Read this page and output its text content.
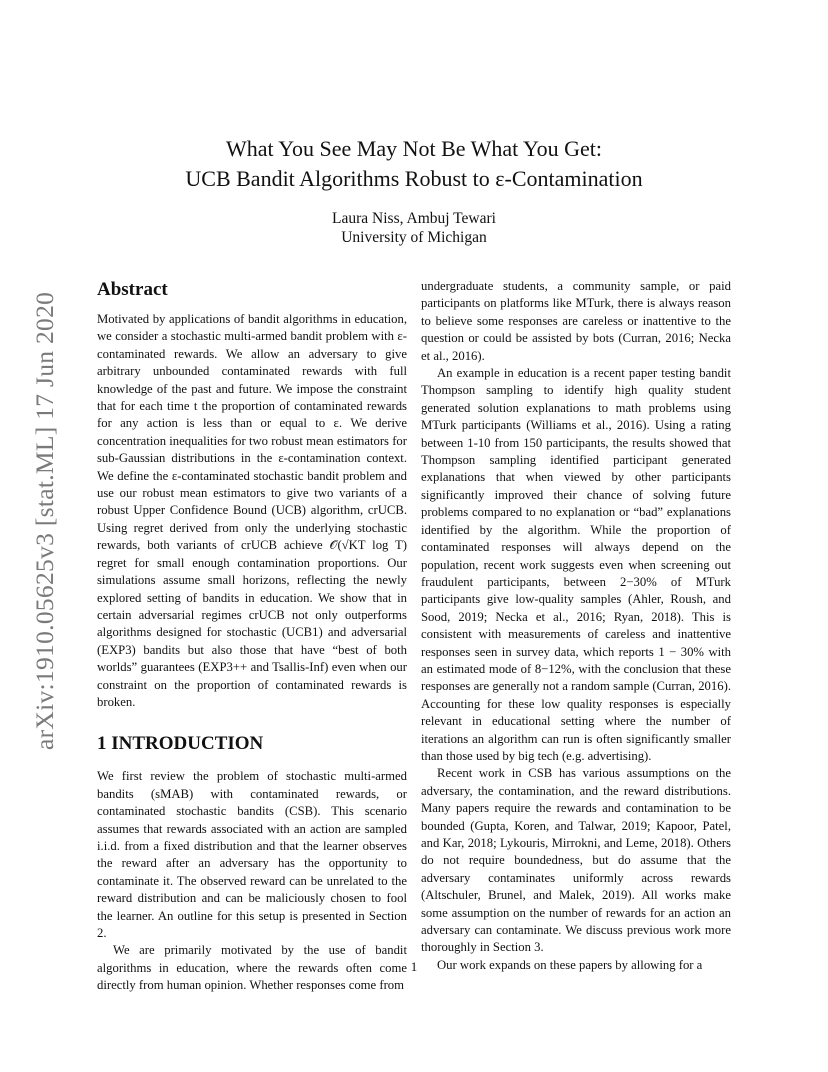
arXiv:1910.05625v3 [stat.ML] 17 Jun 2020
What You See May Not Be What You Get:
UCB Bandit Algorithms Robust to ε-Contamination
Laura Niss, Ambuj Tewari
University of Michigan
Abstract

Motivated by applications of bandit algorithms in education, we consider a stochastic multi-armed bandit problem with ε-contaminated rewards. We allow an adversary to give arbitrary unbounded contaminated rewards with full knowledge of the past and future. We impose the constraint that for each time t the proportion of contaminated rewards for any action is less than or equal to ε. We derive concentration inequalities for two robust mean estimators for sub-Gaussian distributions in the ε-contamination context. We define the ε-contaminated stochastic bandit problem and use our robust mean estimators to give two variants of a robust Upper Confidence Bound (UCB) algorithm, crUCB. Using regret derived from only the underlying stochastic rewards, both variants of crUCB achieve 𝒪(√KT log T) regret for small enough contamination proportions. Our simulations assume small horizons, reflecting the newly explored setting of bandits in education. We show that in certain adversarial regimes crUCB not only outperforms algorithms designed for stochastic (UCB1) and adversarial (EXP3) bandits but also those that have “best of both worlds” guarantees (EXP3++ and Tsallis-Inf) even when our constraint on the proportion of contaminated rewards is broken.

1 INTRODUCTION

We first review the problem of stochastic multi-armed bandits (sMAB) with contaminated rewards, or contaminated stochastic bandits (CSB). This scenario assumes that rewards associated with an action are sampled i.i.d. from a fixed distribution and that the learner observes the reward after an adversary has the opportunity to contaminate it. The observed reward can be unrelated to the reward distribution and can be maliciously chosen to fool the learner. An outline for this setup is presented in Section 2.

We are primarily motivated by the use of bandit algorithms in education, where the rewards often come directly from human opinion. Whether responses come from

undergraduate students, a community sample, or paid participants on platforms like MTurk, there is always reason to believe some responses are careless or inattentive to the question or could be assisted by bots (Curran, 2016; Necka et al., 2016).

An example in education is a recent paper testing bandit Thompson sampling to identify high quality student generated solution explanations to math problems using MTurk participants (Williams et al., 2016). Using a rating between 1-10 from 150 participants, the results showed that Thompson sampling identified participant generated explanations that when viewed by other participants significantly improved their chance of solving future problems compared to no explanation or “bad” explanations identified by the algorithm. While the proportion of contaminated responses will always depend on the population, recent work suggests even when screening out fraudulent participants, between 2−30% of MTurk participants give low-quality samples (Ahler, Roush, and Sood, 2019; Necka et al., 2016; Ryan, 2018). This is consistent with measurements of careless and inattentive responses seen in survey data, which reports 1 − 30% with an estimated mode of 8−12%, with the conclusion that these responses are generally not a random sample (Curran, 2016). Accounting for these low quality responses is especially relevant in educational setting where the number of iterations an algorithm can run is often significantly smaller than those used by big tech (e.g. advertising).

Recent work in CSB has various assumptions on the adversary, the contamination, and the reward distributions. Many papers require the rewards and contamination to be bounded (Gupta, Koren, and Talwar, 2019; Kapoor, Patel, and Kar, 2018; Lykouris, Mirrokni, and Leme, 2018). Others do not require boundedness, but do assume that the adversary contaminates uniformly across rewards (Altschuler, Brunel, and Malek, 2019). All works make some assumption on the number of rewards for an action an adversary can contaminate. We discuss previous work more thoroughly in Section 3.

Our work expands on these papers by allowing for a

1
